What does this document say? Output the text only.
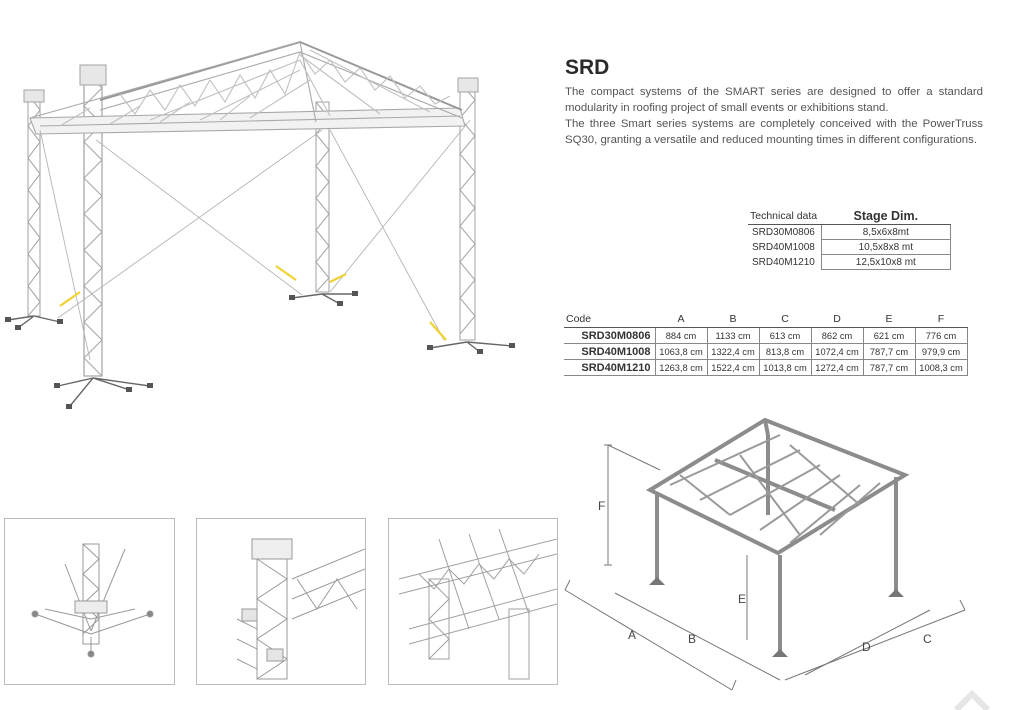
SRD

The compact systems of the SMART series are designed to offer a standard modularity in roofing project of small events or exhibitions stand.

The three Smart series systems are completely conceived with the PowerTruss SQ30, granting a versatile and reduced mounting times in different configurations.

Technical data	Stage Dim.
SRD30M0806	8,5x6x8mt
SRD40M1008	10,5x8x8 mt
SRD40M1210	12,5x10x8 mt
Code	A	B	C	D	E	F
SRD30M0806	884 cm	1133 cm	613 cm	862 cm	621 cm	776 cm
SRD40M1008	1063,8 cm	1322,4 cm	813,8 cm	1072,4 cm	787,7 cm	979,9 cm
SRD40M1210	1263,8 cm	1522,4 cm	1013,8 cm	1272,4 cm	787,7 cm	1008,3 cm
F
E
A	B	C
D
